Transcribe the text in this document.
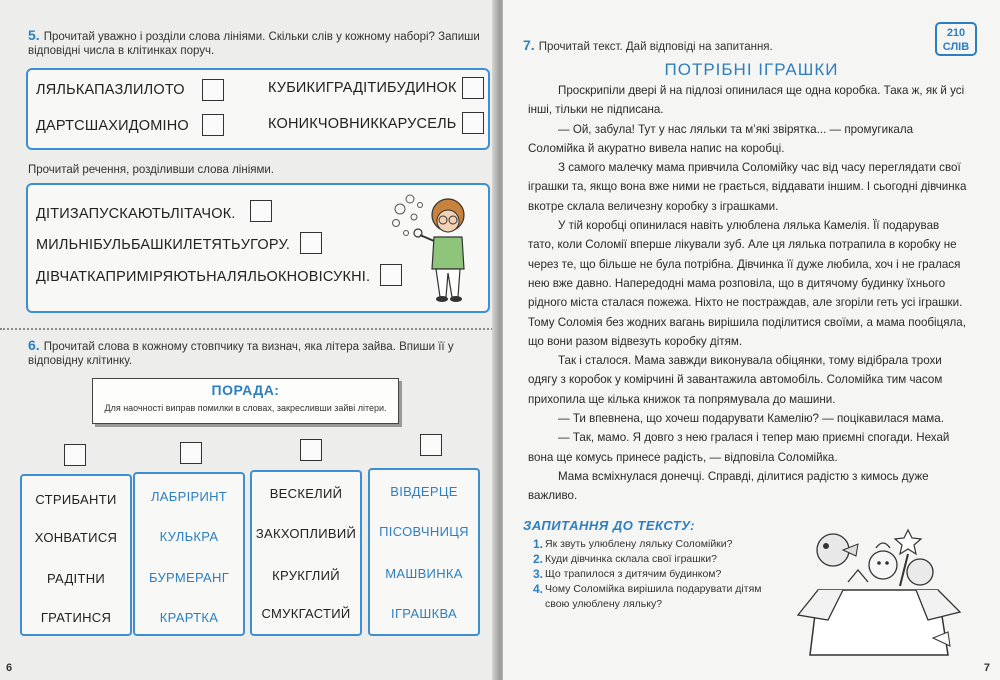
5. Прочитай уважно і розділи слова лініями. Скільки слів у кожному наборі? Запиши відповідні числа в клітинках поруч.
ЛЯЛЬКАПАЗЛИЛОТО	КУБИКИГРАДІТИБУДИНОК
ДАРТСШАХИДОМІНО	КОНИКЧОВНИККАРУСЕЛЬ
Прочитай речення, розділивши слова лініями.
ДІТИЗАПУСКАЮТЬЛІТАЧОК.
МИЛЬНІБУЛЬБАШКИЛЕТЯТЬУГОРУ.
ДІВЧАТКАПРИМІРЯЮТЬНАЛЯЛЬОКНОВІСУКНІ.
6. Прочитай слова в кожному стовпчику та визнач, яка літера зайва. Впиши її у відповідну клітинку.
ПОРАДА:
Для наочності виправ помилки в словах, закресливши зайві літери.
СТРИБАНТИ
ХОНВАТИСЯ
РАДІТНИ
ГРАТИНСЯ
ЛАБРІРИНТ
КУЛЬКРА
БУРМЕРАНГ
КРАРТКА
ВЕСКЕЛИЙ
ЗАКХОПЛИВИЙ
КРУКГЛИЙ
СМУКГАСТИЙ
ВІВДЕРЦЕ
ПІСОВЧНИЦЯ
МАШВИНКА
ІГРАШКВА
6
7. Прочитай текст. Дай відповіді на запитання.
210
СЛІВ
ПОТРІБНІ ІГРАШКИ

Проскрипіли двері й на підлозі опинилася ще одна коробка. Така ж, як й усі інші, тільки не підписана.

— Ой, забула! Тут у нас ляльки та м’які звірятка... — промугикала Соломійка й акуратно вивела напис на коробці.

З самого малечку мама привчила Соломійку час від часу переглядати свої іграшки та, якщо вона вже ними не грається, віддавати іншим. І сьогодні дівчинка вкотре склала величезну коробку з іграшками.

У тій коробці опинилася навіть улюблена лялька Камелія. Її подарував тато, коли Соломії вперше лікували зуб. Але ця лялька потрапила в коробку не через те, що більше не була потрібна. Дівчинка її дуже любила, хоч і не гралася нею вже давно. Напередодні мама розповіла, що в дитячому будинку їхнього рідного міста сталася пожежа. Ніхто не постраждав, але згоріли геть усі іграшки. Тому Соломія без жодних вагань вирішила поділитися своїми, а мама пообіцяла, що вони разом відвезуть коробку дітям.

Так і сталося. Мама завжди виконувала обіцянки, тому відібрала трохи одягу з коробок у комірчині й завантажила автомобіль. Соломійка тим часом прихопила ще кілька книжок та попрямувала до машини.

— Ти впевнена, що хочеш подарувати Камелію? — поцікавилася мама.

— Так, мамо. Я довго з нею гралася і тепер маю приємні спогади. Нехай вона ще комусь принесе радість, — відповіла Соломійка.

Мама всміхнулася донечці. Справді, ділитися радістю з кимось дуже важливо.

ЗАПИТАННЯ ДО ТЕКСТУ:
1. Як звуть улюблену ляльку Соломійки?
2. Куди дівчинка склала свої іграшки?
3. Що трапилося з дитячим будинком?
4. Чому Соломійка вирішила подарувати дітям свою улюблену ляльку?
7
